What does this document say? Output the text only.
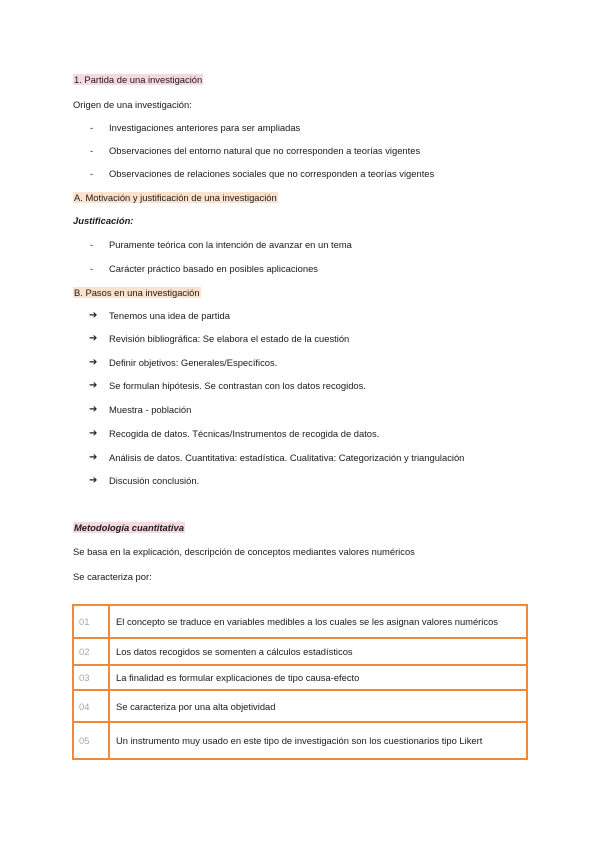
1. Partida de una investigación
Origen de una investigación:
- Investigaciones anteriores para ser ampliadas
- Observaciones del entorno natural que no corresponden a teorías vigentes
- Observaciones de relaciones sociales que no corresponden a teorías vigentes
A. Motivación y justificación de una investigación
Justificación:
- Puramente teórica con la intención de avanzar en un tema
- Carácter práctico basado en posibles aplicaciones
B. Pasos en una investigación
➔ Tenemos una idea de partida
➔ Revisión bibliográfica: Se elabora el estado de la cuestión
➔ Definir objetivos: Generales/Específicos.
➔ Se formulan hipótesis. Se contrastan con los datos recogidos.
➔ Muestra - población
➔ Recogida de datos. Técnicas/Instrumentos de recogida de datos.
➔ Análisis de datos. Cuantitativa: estadística. Cualitativa: Categorización y triangulación
➔ Discusión conclusión.
Metodología cuantitativa
Se basa en la explicación, descripción de conceptos mediantes valores numéricos
Se caracteriza por:
01	El concepto se traduce en variables medibles a los cuales se les asignan valores numéricos
02	Los datos recogidos se somenten a cálculos estadísticos
03	La finalidad es formular explicaciones de tipo causa-efecto
04	Se caracteriza por una alta objetividad
05	Un instrumento muy usado en este tipo de investigación son los cuestionarios tipo Likert
